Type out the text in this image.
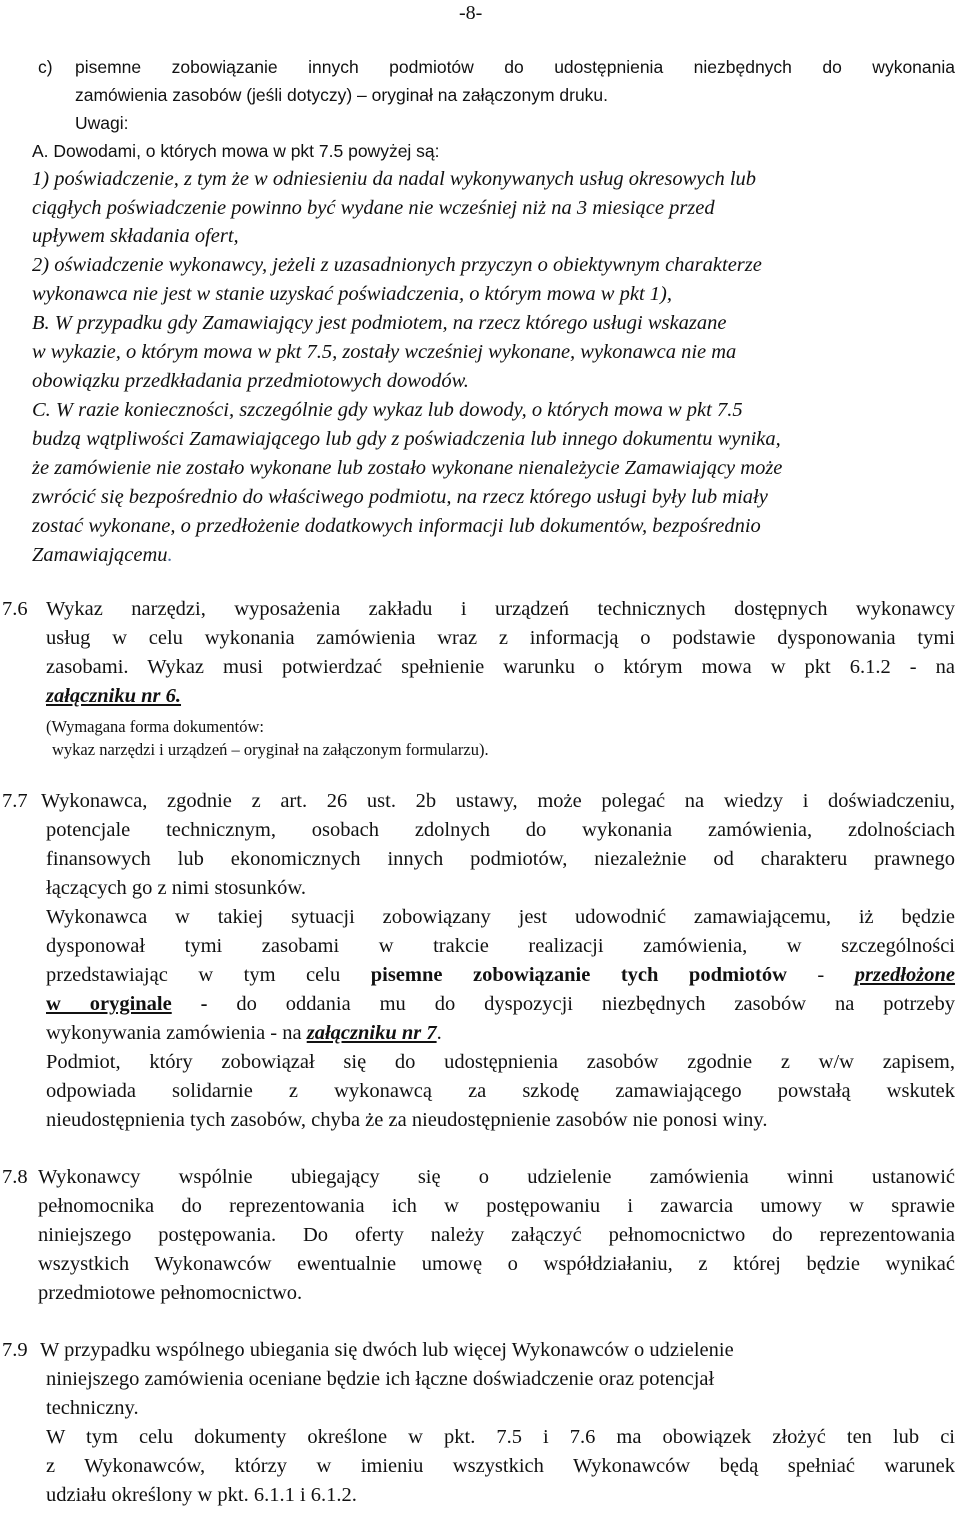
-8-
c) pisemne zobowiązanie innych podmiotów do udostępnienia niezbędnych do wykonania
zamówienia zasobów (jeśli dotyczy) – oryginał na załączonym druku.
Uwagi:
A. Dowodami, o których mowa w pkt 7.5 powyżej są:
1) poświadczenie, z tym że w odniesieniu da nadal wykonywanych usług okresowych lub
ciągłych poświadczenie powinno być wydane nie wcześniej niż na 3 miesiące przed
upływem składania ofert,
2) oświadczenie wykonawcy, jeżeli z uzasadnionych przyczyn o obiektywnym charakterze
wykonawca nie jest w stanie uzyskać poświadczenia, o którym mowa w pkt 1),
B. W przypadku gdy Zamawiający jest podmiotem, na rzecz którego usługi wskazane
w wykazie, o którym mowa w pkt 7.5, zostały wcześniej wykonane, wykonawca nie ma
obowiązku przedkładania przedmiotowych dowodów.
C. W razie konieczności, szczególnie gdy wykaz lub dowody, o których mowa w pkt 7.5
budzą wątpliwości Zamawiającego lub gdy z poświadczenia lub innego dokumentu wynika,
że zamówienie nie zostało wykonane lub zostało wykonane nienależycie Zamawiający może
zwrócić się bezpośrednio do właściwego podmiotu, na rzecz którego usługi były lub miały
zostać wykonane, o przedłożenie dodatkowych informacji lub dokumentów, bezpośrednio
Zamawiającemu.
7.6 Wykaz narzędzi, wyposażenia zakładu i urządzeń technicznych dostępnych wykonawcy
usług w celu wykonania zamówienia wraz z informacją o podstawie dysponowania tymi
zasobami. Wykaz musi potwierdzać spełnienie warunku o którym mowa w pkt 6.1.2 - na
załączniku nr 6.
(Wymagana forma dokumentów:
wykaz narzędzi i urządzeń – oryginał na załączonym formularzu).
7.7 Wykonawca, zgodnie z art. 26 ust. 2b ustawy, może polegać na wiedzy i doświadczeniu,
potencjale technicznym, osobach zdolnych do wykonania zamówienia, zdolnościach
finansowych lub ekonomicznych innych podmiotów, niezależnie od charakteru prawnego
łączących go z nimi stosunków.
Wykonawca w takiej sytuacji zobowiązany jest udowodnić zamawiającemu, iż będzie
dysponował tymi zasobami w trakcie realizacji zamówienia, w szczególności
przedstawiając w tym celu pisemne zobowiązanie tych podmiotów - przedłożone
w oryginale - do oddania mu do dyspozycji niezbędnych zasobów na potrzeby
wykonywania zamówienia - na załączniku nr 7.
Podmiot, który zobowiązał się do udostępnienia zasobów zgodnie z w/w zapisem,
odpowiada solidarnie z wykonawcą za szkodę zamawiającego powstałą wskutek
nieudostępnienia tych zasobów, chyba że za nieudostępnienie zasobów nie ponosi winy.
7.8 Wykonawcy wspólnie ubiegający się o udzielenie zamówienia winni ustanowić
pełnomocnika do reprezentowania ich w postępowaniu i zawarcia umowy w sprawie
niniejszego postępowania. Do oferty należy załączyć pełnomocnictwo do reprezentowania
wszystkich Wykonawców ewentualnie umowę o współdziałaniu, z której będzie wynikać
przedmiotowe pełnomocnictwo.
7.9 W przypadku wspólnego ubiegania się dwóch lub więcej Wykonawców o udzielenie
niniejszego zamówienia oceniane będzie ich łączne doświadczenie oraz potencjał
techniczny.
W tym celu dokumenty określone w pkt. 7.5 i 7.6 ma obowiązek złożyć ten lub ci
z Wykonawców, którzy w imieniu wszystkich Wykonawców będą spełniać warunek
udziału określony w pkt. 6.1.1 i 6.1.2.
